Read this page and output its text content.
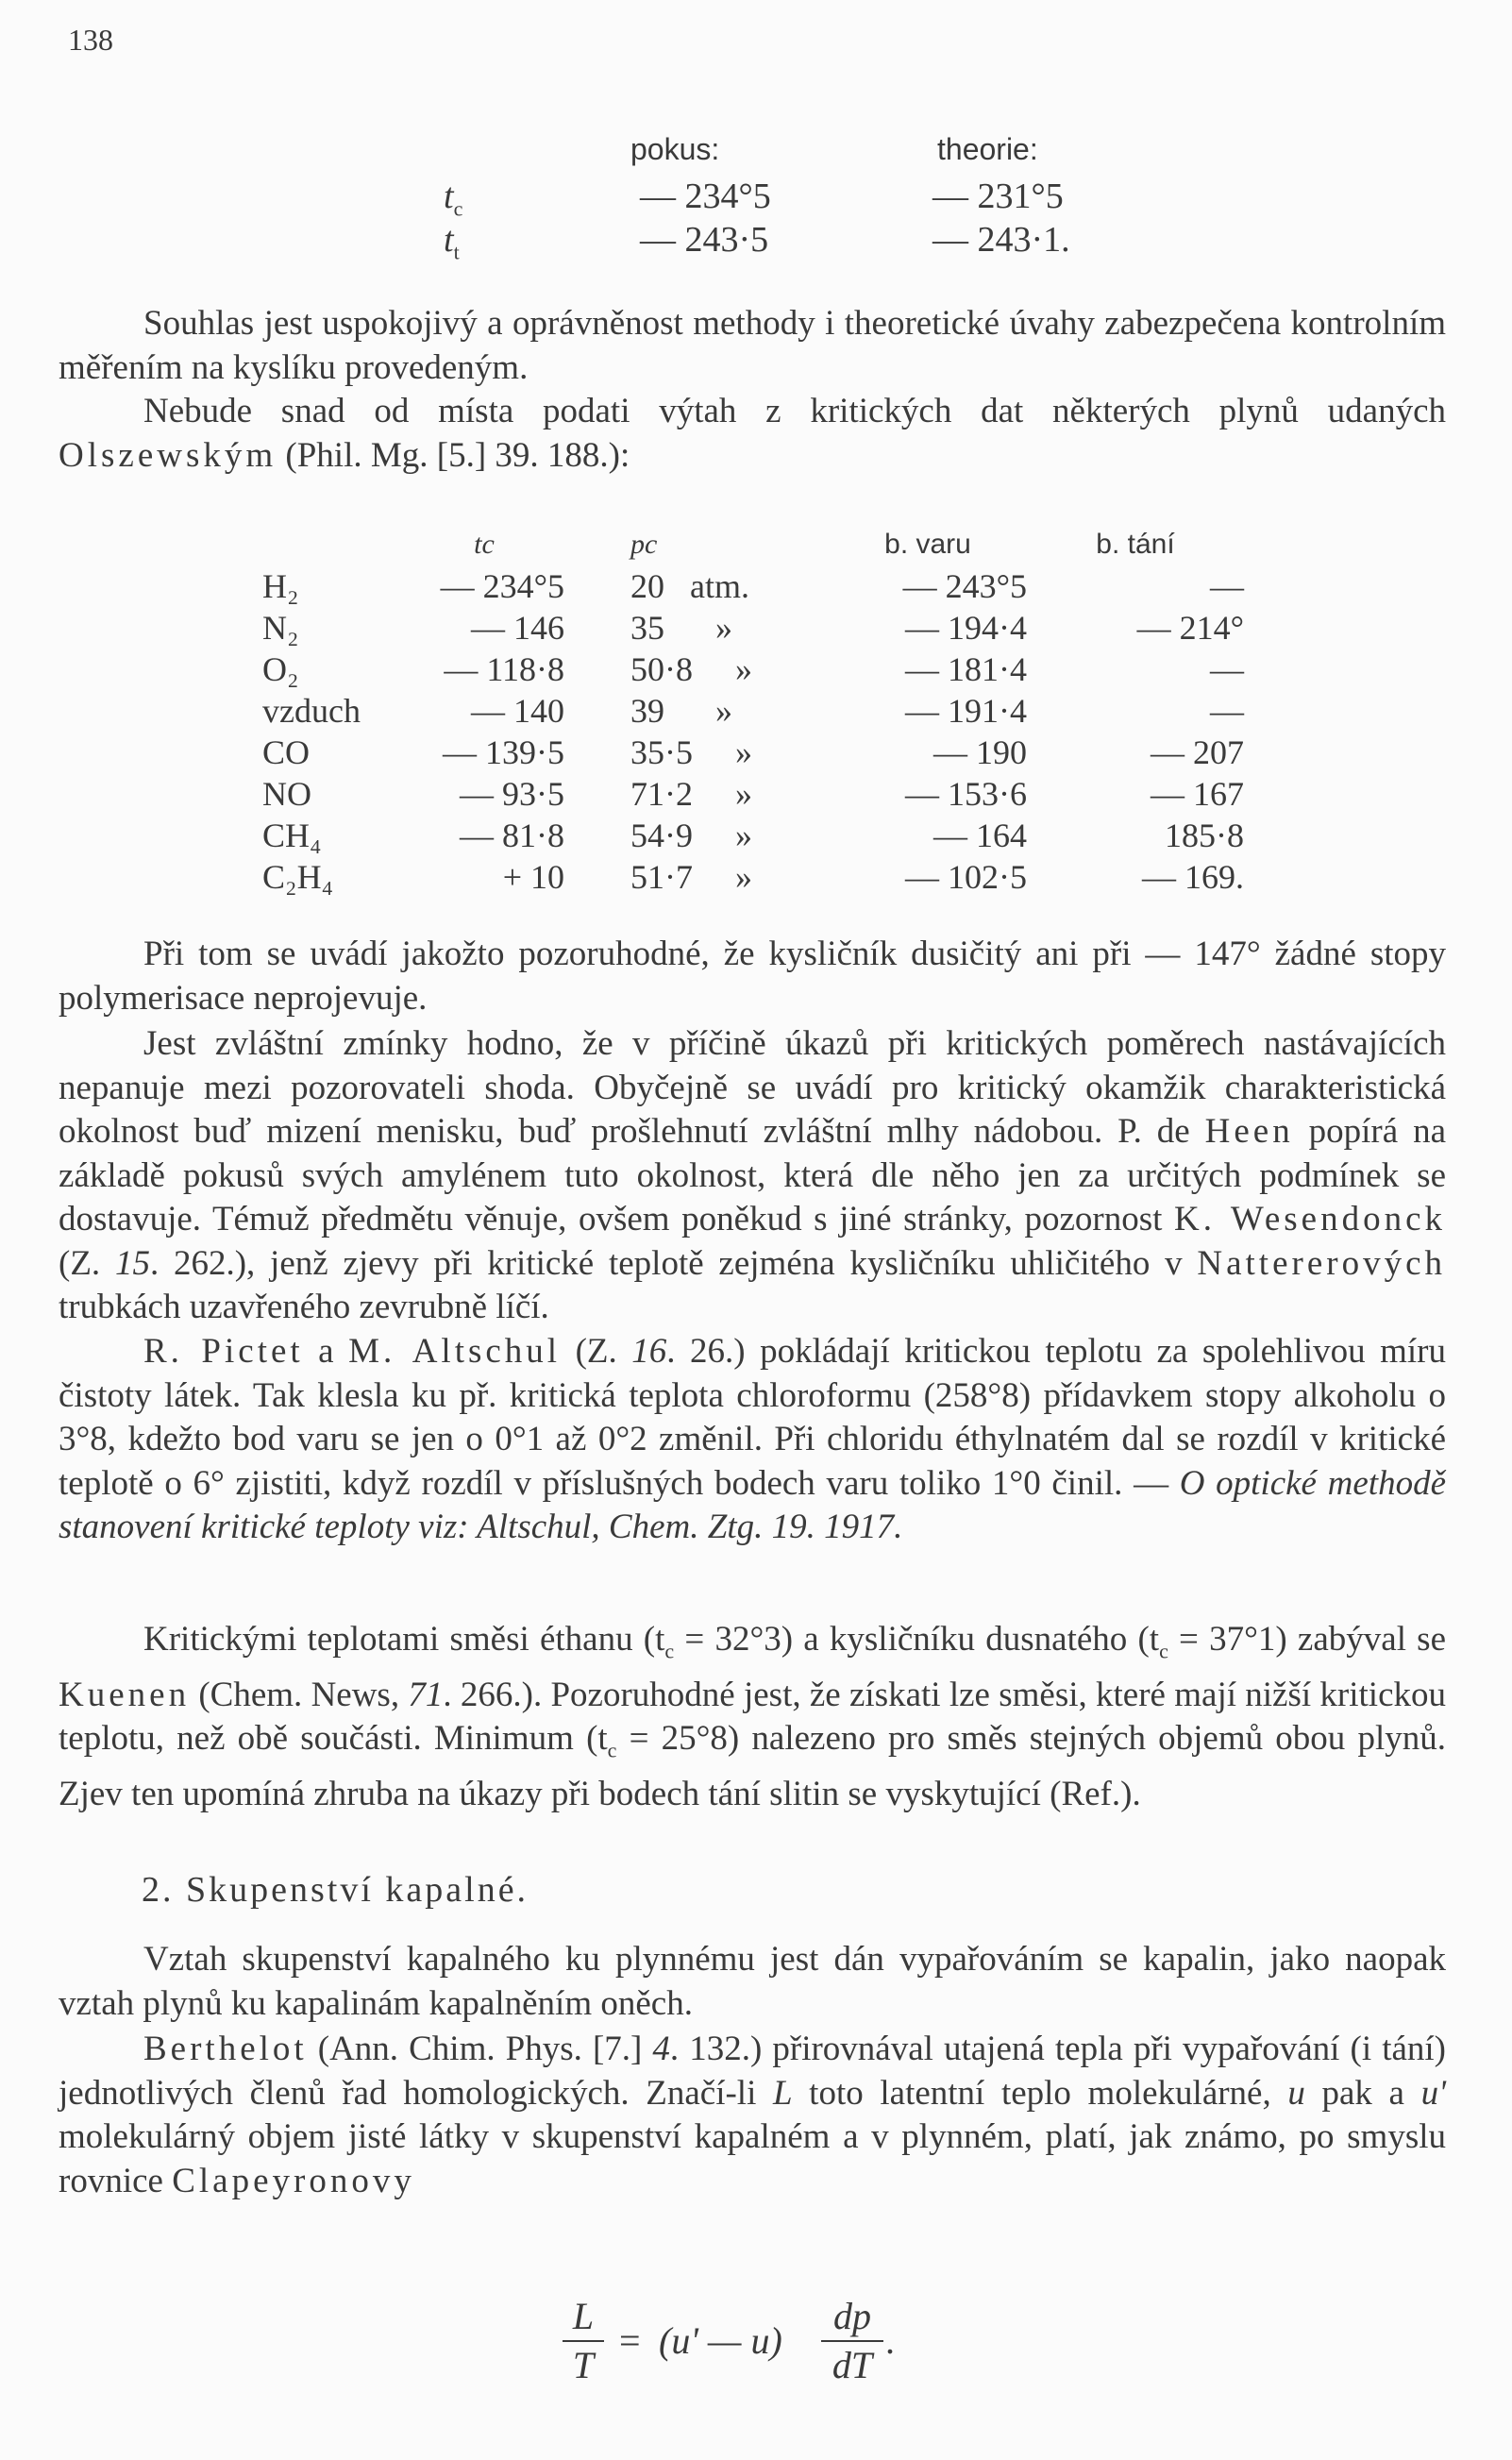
138
pokus:	theorie:
$t_c$	— 234°5	— 231°5
$t_t$	— 243·5	— 243·1.

Souhlas jest uspokojivý a oprávněnost methody i theoretické úvahy zabezpečena kontrolním měřením na kyslíku provedeným.

Nebude snad od místa podati výtah z kritických dat některých plynů udaných Olszewským (Phil. Mg. [5.] 39. 188.):

	tc	pc	b. varu	b. tání
H₂	— 234°5	20 atm.	— 243°5	—
N₂	— 146	35 »	— 194·4	— 214°
O₂	— 118·8	50·8 »	— 181·4	—
vzduch	— 140	39 »	— 191·4	—
CO	— 139·5	35·5 »	— 190	— 207
NO	— 93·5	71·2 »	— 153·6	— 167
CH₄	— 81·8	54·9 »	— 164	185·8
C₂H₄	+ 10	51·7 »	— 102·5	— 169.

Při tom se uvádí jakožto pozoruhodné, že kysličník dusičitý ani při — 147° žádné stopy polymerisace neprojevuje.

Jest zvláštní zmínky hodno, že v příčině úkazů při kritických poměrech nastávajících nepanuje mezi pozorovateli shoda. Obyčejně se uvádí pro kritický okamžik charakteristická okolnost buď mizení menisku, buď prošlehnutí zvláštní mlhy nádobou. P. de Heen popírá na základě pokusů svých amylénem tuto okolnost, která dle něho jen za určitých podmínek se dostavuje. Témuž předmětu věnuje, ovšem poněkud s jiné stránky, pozornost K. Wesendonck (Z. 15. 262.), jenž zjevy při kritické teplotě zejména kysličníku uhličitého v Nattererových trubkách uzavřeného zevrubně líčí.

R. Pictet a M. Altschul (Z. 16. 26.) pokládají kritickou teplotu za spolehlivou míru čistoty látek. Tak klesla ku př. kritická teplota chloroformu (258°8) přídavkem stopy alkoholu o 3°8, kdežto bod varu se jen o 0°1 až 0°2 změnil. Při chloridu éthylnatém dal se rozdíl v kritické teplotě o 6° zjistiti, když rozdíl v příslušných bodech varu toliko 1°0 činil. — O optické methodě stanovení kritické teploty viz: Altschul, Chem. Ztg. 19. 1917.

Kritickými teplotami směsi éthanu $(t_c = 32^\circ 3)$ a kysličníku dusnatého $(t_c = 37^\circ 1)$ zabýval se Kuenen (Chem. News, 71. 266.). Pozoruhodné jest, že získati lze směsi, které mají nižší kritickou teplotu, než obě součásti. Minimum $(t_c = 25^\circ 8)$ nalezeno pro směs stejných objemů obou plynů. Zjev ten upomíná zhruba na úkazy při bodech tání slitin se vyskytující (Ref.).

2. Skupenství kapalné.

Vztah skupenství kapalného ku plynnému jest dán vypařováním se kapalin, jako naopak vztah plynů ku kapalinám kapalněním oněch.

Berthelot (Ann. Chim. Phys. [7.] 4. 132.) přirovnával utajená tepla při vypařování (i tání) jednotlivých členů řad homologických. Značí-li L toto latentní teplo molekulárné, u pak a u' molekulárný objem jisté látky v skupenství kapalném a v plynném, platí, jak známo, po smyslu rovnice Clapeyronovy

L
T
= (u' — u)
dp
dT
.
